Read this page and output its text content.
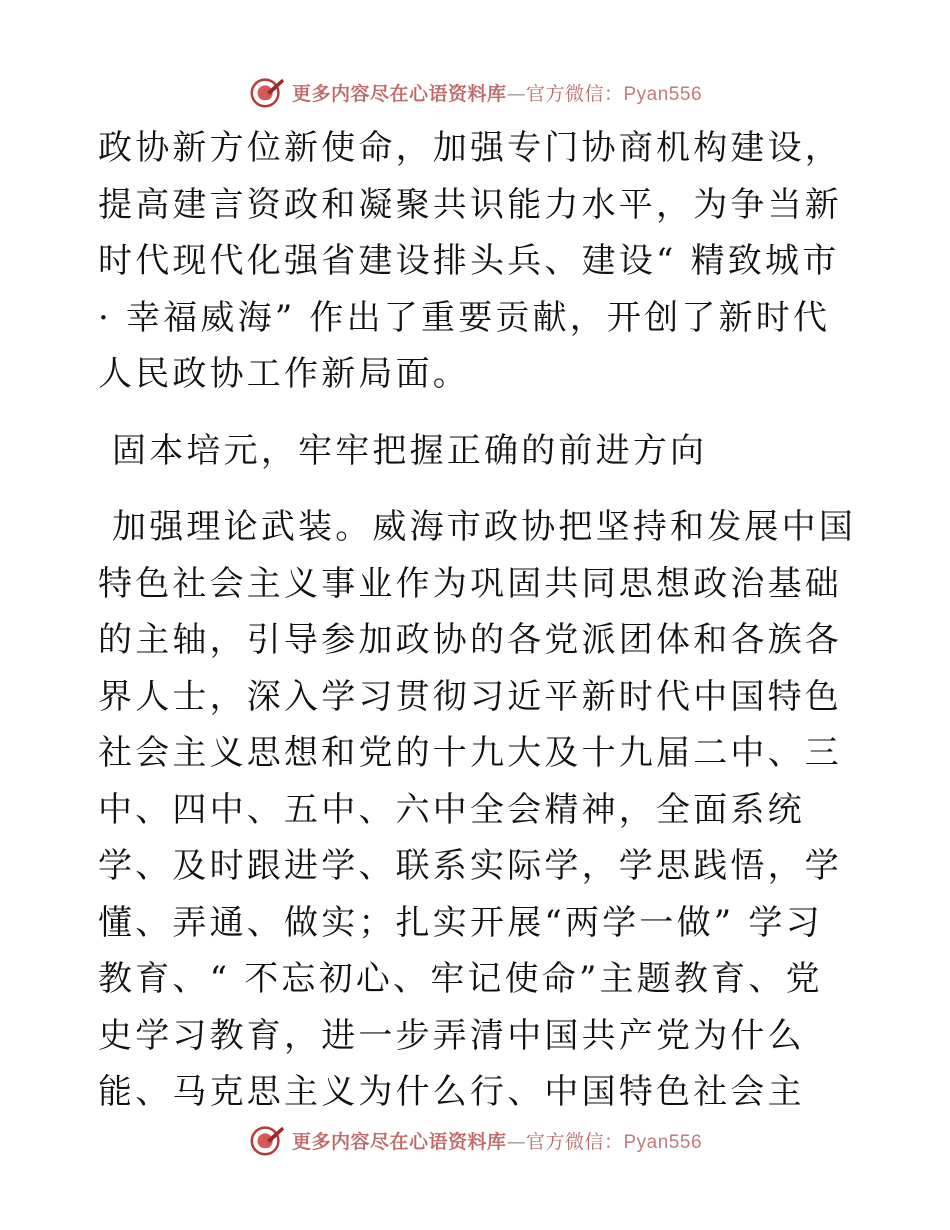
更多内容尽在心语资料库—官方微信：Pyan556

政协新方位新使命，加强专门协商机构建设，提高建言资政和凝聚共识能力水平，为争当新时代现代化强省建设排头兵、建设“ 精致城市 · 幸福威海” 作出了重要贡献，开创了新时代人民政协工作新局面。

固本培元，牢牢把握正确的前进方向

加强理论武装。威海市政协把坚持和发展中国特色社会主义事业作为巩固共同思想政治基础的主轴，引导参加政协的各党派团体和各族各界人士，深入学习贯彻习近平新时代中国特色社会主义思想和党的十九大及十九届二中、三中、四中、五中、六中全会精神，全面系统学、及时跟进学、联系实际学，学思践悟，学懂、弄通、做实；扎实开展“两学一做” 学习教育、“ 不忘初心、牢记使命”主题教育、党史学习教育，进一步弄清中国共产党为什么能、马克思主义为什么行、中国特色社会主

更多内容尽在心语资料库—官方微信：Pyan556
